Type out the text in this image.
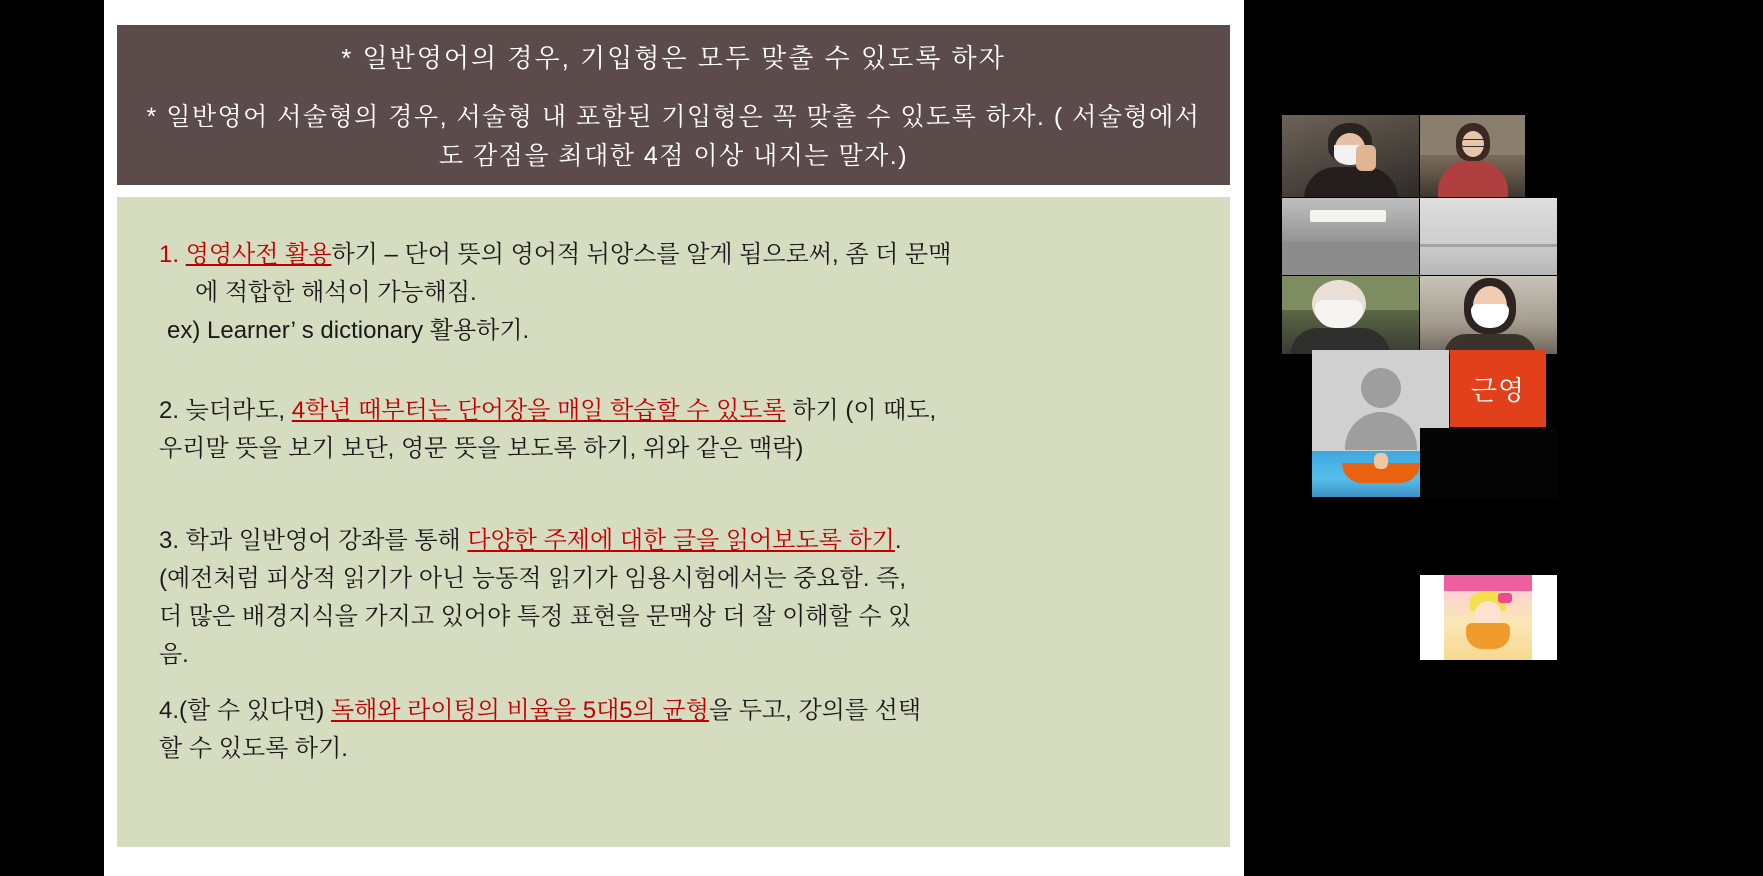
* 일반영어의 경우, 기입형은 모두 맞출 수 있도록 하자
* 일반영어 서술형의 경우, 서술형 내 포함된 기입형은 꼭 맞출 수 있도록 하자. ( 서술형에서도 감점을 최대한 4점 이상 내지는 말자.)

1. 영영사전 활용하기 – 단어 뜻의 영어적 뉘앙스를 알게 됨으로써, 좀 더 문맥

에 적합한 해석이 가능해짐.

ex) Learner’ s dictionary 활용하기.

2. 늦더라도, 4학년 때부터는 단어장을 매일 학습할 수 있도록 하기 (이 때도,

우리말 뜻을 보기 보단, 영문 뜻을 보도록 하기, 위와 같은 맥락)

3. 학과 일반영어 강좌를 통해 다양한 주제에 대한 글을 읽어보도록 하기.

(예전처럼 피상적 읽기가 아닌 능동적 읽기가 임용시험에서는 중요함. 즉,

더 많은 배경지식을 가지고 있어야 특정 표현을 문맥상 더 잘 이해할 수 있

음.

4.(할 수 있다면) 독해와 라이팅의 비율을 5대5의 균형을 두고, 강의를 선택

할 수 있도록 하기.

근영
